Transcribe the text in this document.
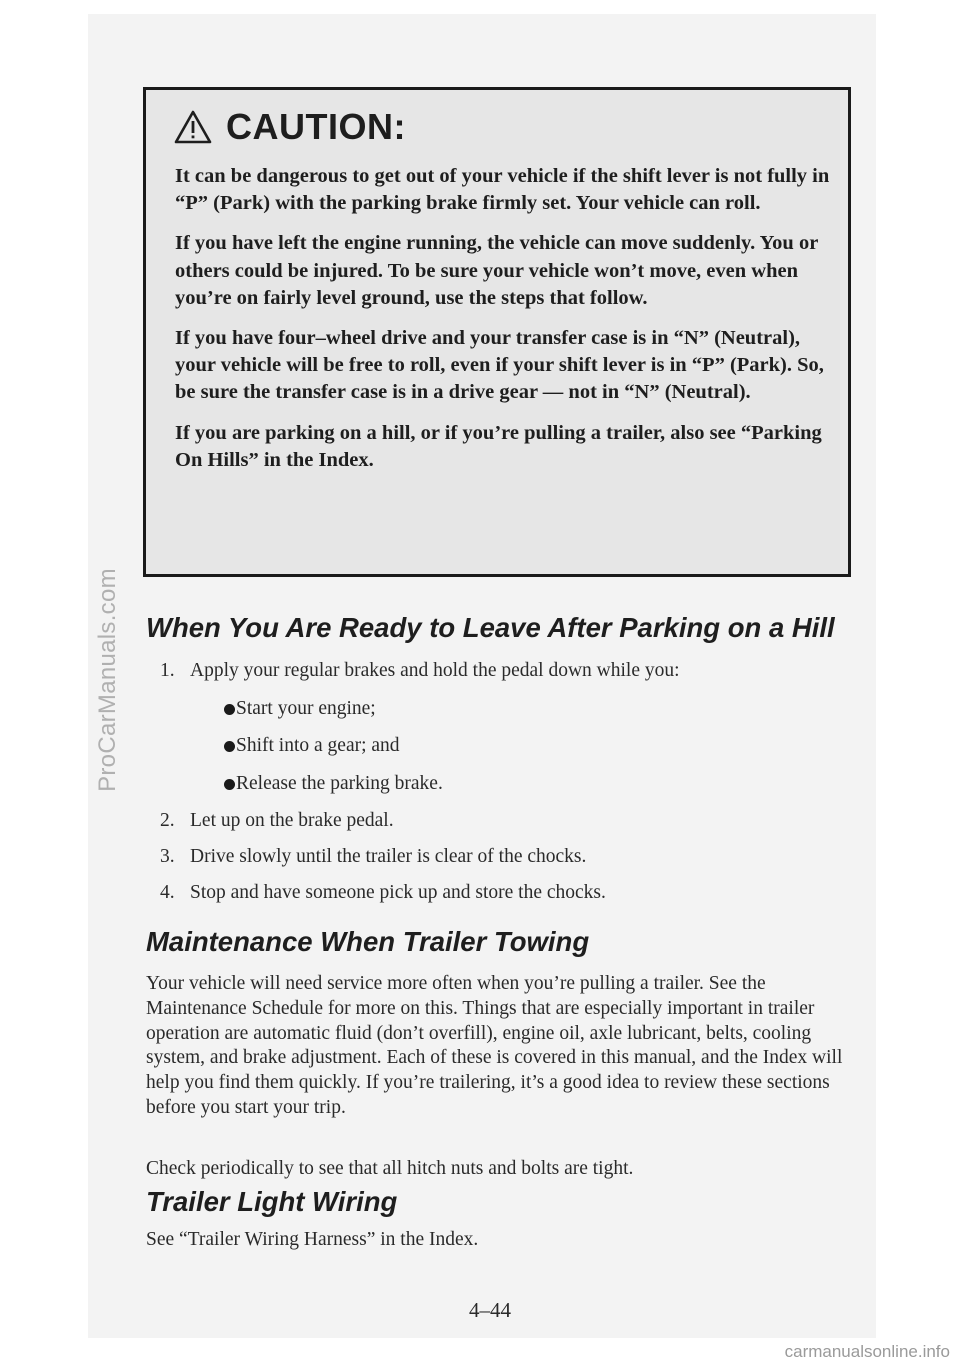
ProCarManuals.com
CAUTION:

It can be dangerous to get out of your vehicle if the shift lever is not fully in “P” (Park) with the parking brake firmly set. Your vehicle can roll.

If you have left the engine running, the vehicle can move suddenly. You or others could be injured. To be sure your vehicle won’t move, even when you’re on fairly level ground, use the steps that follow.

If you have four–wheel drive and your transfer case is in “N” (Neutral), your vehicle will be free to roll, even if your shift lever is in “P” (Park). So, be sure the transfer case is in a drive gear — not in “N” (Neutral).

If you are parking on a hill, or if you’re pulling a trailer, also see “Parking On Hills” in the Index.

When You Are Ready to Leave After Parking on a Hill
1. Apply your regular brakes and hold the pedal down while you:
Start your engine;
Shift into a gear; and
Release the parking brake.
2. Let up on the brake pedal.
3. Drive slowly until the trailer is clear of the chocks.
4. Stop and have someone pick up and store the chocks.
Maintenance When Trailer Towing

Your vehicle will need service more often when you’re pulling a trailer. See the Maintenance Schedule for more on this. Things that are especially important in trailer operation are automatic fluid (don’t overfill), engine oil, axle lubricant, belts, cooling system, and brake adjustment. Each of these is covered in this manual, and the Index will help you find them quickly. If you’re trailering, it’s a good idea to review these sections before you start your trip.

Check periodically to see that all hitch nuts and bolts are tight.

Trailer Light Wiring

See “Trailer Wiring Harness” in the Index.

4–44
carmanualsonline.info
